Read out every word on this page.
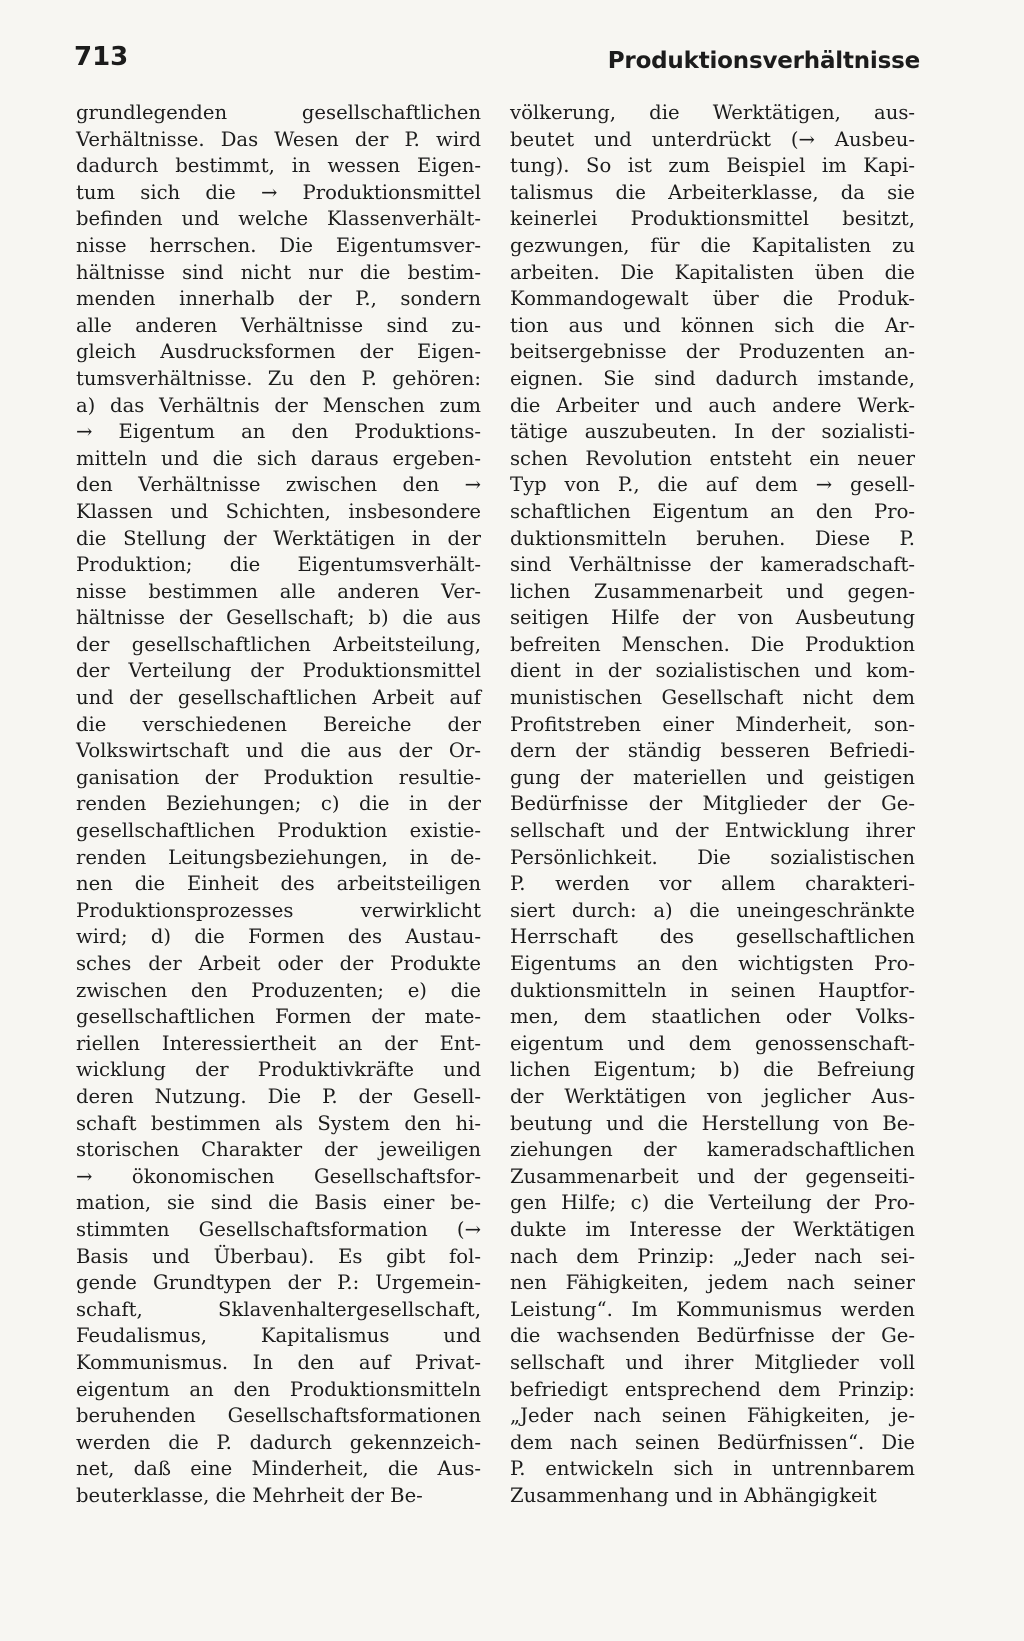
713	Produktionsverhältnisse
grundlegenden gesellschaftlichen
Verhältnisse. Das Wesen der P. wird
dadurch bestimmt, in wessen Eigen-
tum sich die → Produktionsmittel
befinden und welche Klassenverhält-
nisse herrschen. Die Eigentumsver-
hältnisse sind nicht nur die bestim-
menden innerhalb der P., sondern
alle anderen Verhältnisse sind zu-
gleich Ausdrucksformen der Eigen-
tumsverhältnisse. Zu den P. gehören:
a) das Verhältnis der Menschen zum
→ Eigentum an den Produktions-
mitteln und die sich daraus ergeben-
den Verhältnisse zwischen den →
Klassen und Schichten, insbesondere
die Stellung der Werktätigen in der
Produktion; die Eigentumsverhält-
nisse bestimmen alle anderen Ver-
hältnisse der Gesellschaft; b) die aus
der gesellschaftlichen Arbeitsteilung,
der Verteilung der Produktionsmittel
und der gesellschaftlichen Arbeit auf
die verschiedenen Bereiche der
Volkswirtschaft und die aus der Or-
ganisation der Produktion resultie-
renden Beziehungen; c) die in der
gesellschaftlichen Produktion existie-
renden Leitungsbeziehungen, in de-
nen die Einheit des arbeitsteiligen
Produktionsprozesses verwirklicht
wird; d) die Formen des Austau-
sches der Arbeit oder der Produkte
zwischen den Produzenten; e) die
gesellschaftlichen Formen der mate-
riellen Interessiertheit an der Ent-
wicklung der Produktivkräfte und
deren Nutzung. Die P. der Gesell-
schaft bestimmen als System den hi-
storischen Charakter der jeweiligen
→ ökonomischen Gesellschaftsfor-
mation, sie sind die Basis einer be-
stimmten Gesellschaftsformation (→
Basis und Überbau). Es gibt fol-
gende Grundtypen der P.: Urgemein-
schaft, Sklavenhaltergesellschaft,
Feudalismus, Kapitalismus und
Kommunismus. In den auf Privat-
eigentum an den Produktionsmitteln
beruhenden Gesellschaftsformationen
werden die P. dadurch gekennzeich-
net, daß eine Minderheit, die Aus-
beuterklasse, die Mehrheit der Be-
völkerung, die Werktätigen, aus-
beutet und unterdrückt (→ Ausbeu-
tung). So ist zum Beispiel im Kapi-
talismus die Arbeiterklasse, da sie
keinerlei Produktionsmittel besitzt,
gezwungen, für die Kapitalisten zu
arbeiten. Die Kapitalisten üben die
Kommandogewalt über die Produk-
tion aus und können sich die Ar-
beitsergebnisse der Produzenten an-
eignen. Sie sind dadurch imstande,
die Arbeiter und auch andere Werk-
tätige auszubeuten. In der sozialisti-
schen Revolution entsteht ein neuer
Typ von P., die auf dem → gesell-
schaftlichen Eigentum an den Pro-
duktionsmitteln beruhen. Diese P.
sind Verhältnisse der kameradschaft-
lichen Zusammenarbeit und gegen-
seitigen Hilfe der von Ausbeutung
befreiten Menschen. Die Produktion
dient in der sozialistischen und kom-
munistischen Gesellschaft nicht dem
Profitstreben einer Minderheit, son-
dern der ständig besseren Befriedi-
gung der materiellen und geistigen
Bedürfnisse der Mitglieder der Ge-
sellschaft und der Entwicklung ihrer
Persönlichkeit. Die sozialistischen
P. werden vor allem charakteri-
siert durch: a) die uneingeschränkte
Herrschaft des gesellschaftlichen
Eigentums an den wichtigsten Pro-
duktionsmitteln in seinen Hauptfor-
men, dem staatlichen oder Volks-
eigentum und dem genossenschaft-
lichen Eigentum; b) die Befreiung
der Werktätigen von jeglicher Aus-
beutung und die Herstellung von Be-
ziehungen der kameradschaftlichen
Zusammenarbeit und der gegenseiti-
gen Hilfe; c) die Verteilung der Pro-
dukte im Interesse der Werktätigen
nach dem Prinzip: „Jeder nach sei-
nen Fähigkeiten, jedem nach seiner
Leistung“. Im Kommunismus werden
die wachsenden Bedürfnisse der Ge-
sellschaft und ihrer Mitglieder voll
befriedigt entsprechend dem Prinzip:
„Jeder nach seinen Fähigkeiten, je-
dem nach seinen Bedürfnissen“. Die
P. entwickeln sich in untrennbarem
Zusammenhang und in Abhängigkeit
